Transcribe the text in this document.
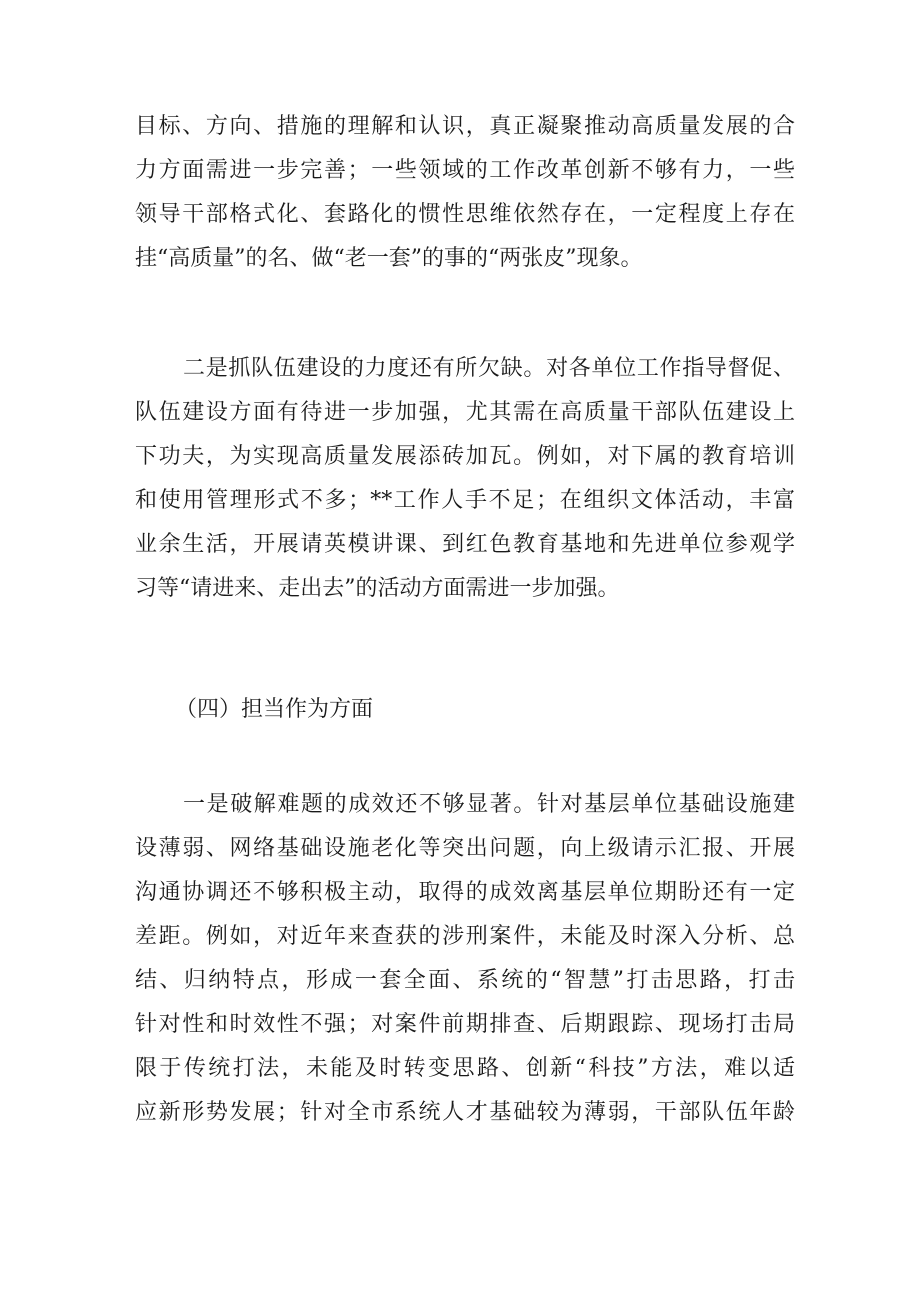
目标、方向、措施的理解和认识，真正凝聚推动高质量发展的合
力方面需进一步完善；一些领域的工作改革创新不够有力，一些
领导干部格式化、套路化的惯性思维依然存在，一定程度上存在
挂“高质量”的名、做“老一套”的事的“两张皮”现象。
二是抓队伍建设的力度还有所欠缺。对各单位工作指导督促、
队伍建设方面有待进一步加强，尤其需在高质量干部队伍建设上
下功夫，为实现高质量发展添砖加瓦。例如，对下属的教育培训
和使用管理形式不多；**工作人手不足；在组织文体活动，丰富
业余生活，开展请英模讲课、到红色教育基地和先进单位参观学
习等“请进来、走出去”的活动方面需进一步加强。
（四）担当作为方面
一是破解难题的成效还不够显著。针对基层单位基础设施建
设薄弱、网络基础设施老化等突出问题，向上级请示汇报、开展
沟通协调还不够积极主动，取得的成效离基层单位期盼还有一定
差距。例如，对近年来查获的涉刑案件，未能及时深入分析、总
结、归纳特点，形成一套全面、系统的“智慧”打击思路，打击
针对性和时效性不强；对案件前期排查、后期跟踪、现场打击局
限于传统打法，未能及时转变思路、创新“科技”方法，难以适
应新形势发展；针对全市系统人才基础较为薄弱，干部队伍年龄
